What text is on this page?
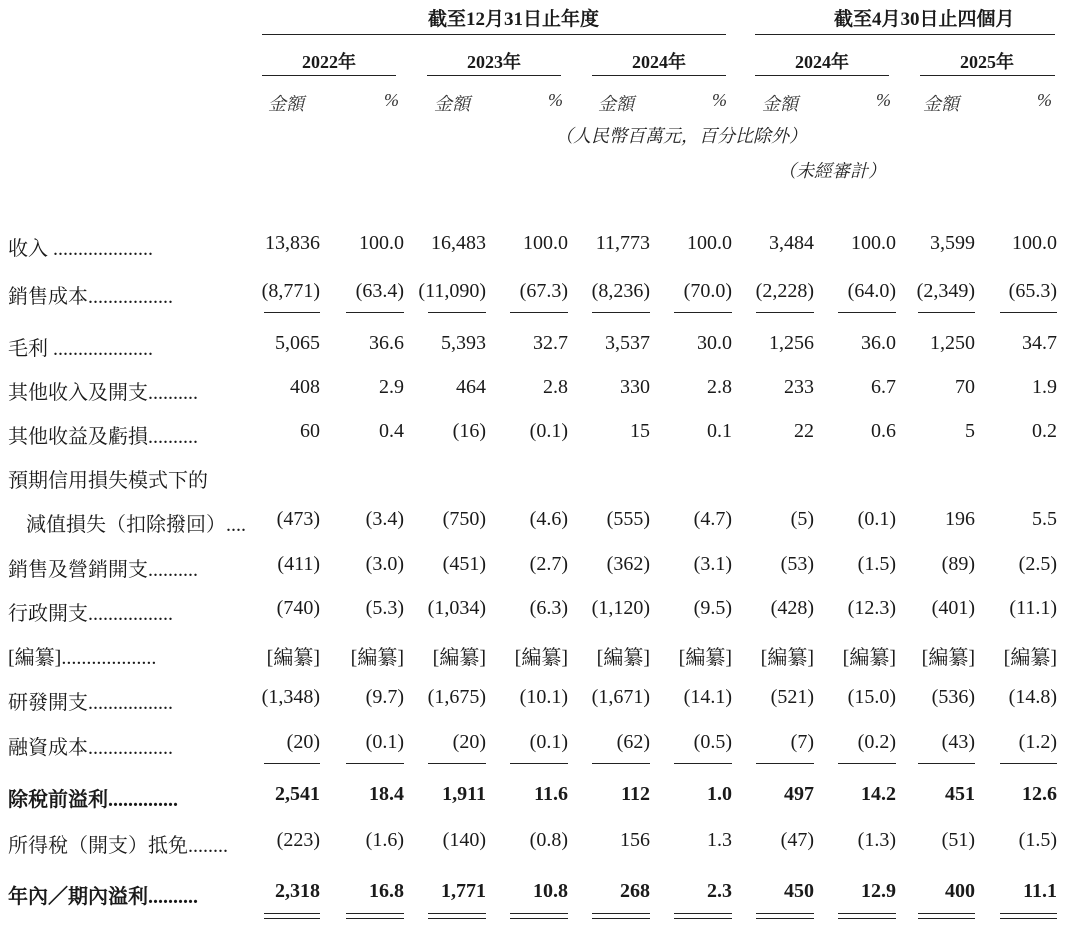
截至12月31日止年度	截至4月30日止四個月
2022年	2023年	2024年	2024年	2025年
金額	% 金額	% 金額	% 金額	% 金額	%
（人民幣百萬元，百分比除外）
（未經審計）
收入 ....................	13,836	100.0	16,483	100.0	11,773	100.0	3,484	100.0	3,599	100.0
銷售成本.................	(8,771)	(63.4) (11,090)	(67.3)	(8,236)	(70.0)	(2,228)	(64.0)	(2,349)	(65.3)
毛利 ....................	5,065	36.6	5,393	32.7	3,537	30.0	1,256	36.0	1,250	34.7
其他收入及開支..........	408	2.9	464	2.8	330	2.8	233	6.7	70	1.9
其他收益及虧損..........	60	0.4	(16)	(0.1)	15	0.1	22	0.6	5	0.2
預期信用損失模式下的
減值損失（扣除撥回）....	(473)	(3.4)	(750)	(4.6)	(555)	(4.7)	(5)	(0.1)	196	5.5
銷售及營銷開支..........	(411)	(3.0)	(451)	(2.7)	(362)	(3.1)	(53)	(1.5)	(89)	(2.5)
行政開支.................	(740)	(5.3)	(1,034)	(6.3)	(1,120)	(9.5)	(428)	(12.3)	(401)	(11.1)
[編纂]...................	[編纂]	[編纂]	[編纂]	[編纂]	[編纂]	[編纂]	[編纂]	[編纂]	[編纂]	[編纂]
研發開支.................	(1,348)	(9.7)	(1,675)	(10.1)	(1,671)	(14.1)	(521)	(15.0)	(536)	(14.8)
融資成本.................	(20)	(0.1)	(20)	(0.1)	(62)	(0.5)	(7)	(0.2)	(43)	(1.2)
除稅前溢利..............	2,541	18.4	1,911	11.6	112	1.0	497	14.2	451	12.6
所得稅（開支）抵免........	(223)	(1.6)	(140)	(0.8)	156	1.3	(47)	(1.3)	(51)	(1.5)
年內／期內溢利..........	2,318	16.8	1,771	10.8	268	2.3	450	12.9	400	11.1
